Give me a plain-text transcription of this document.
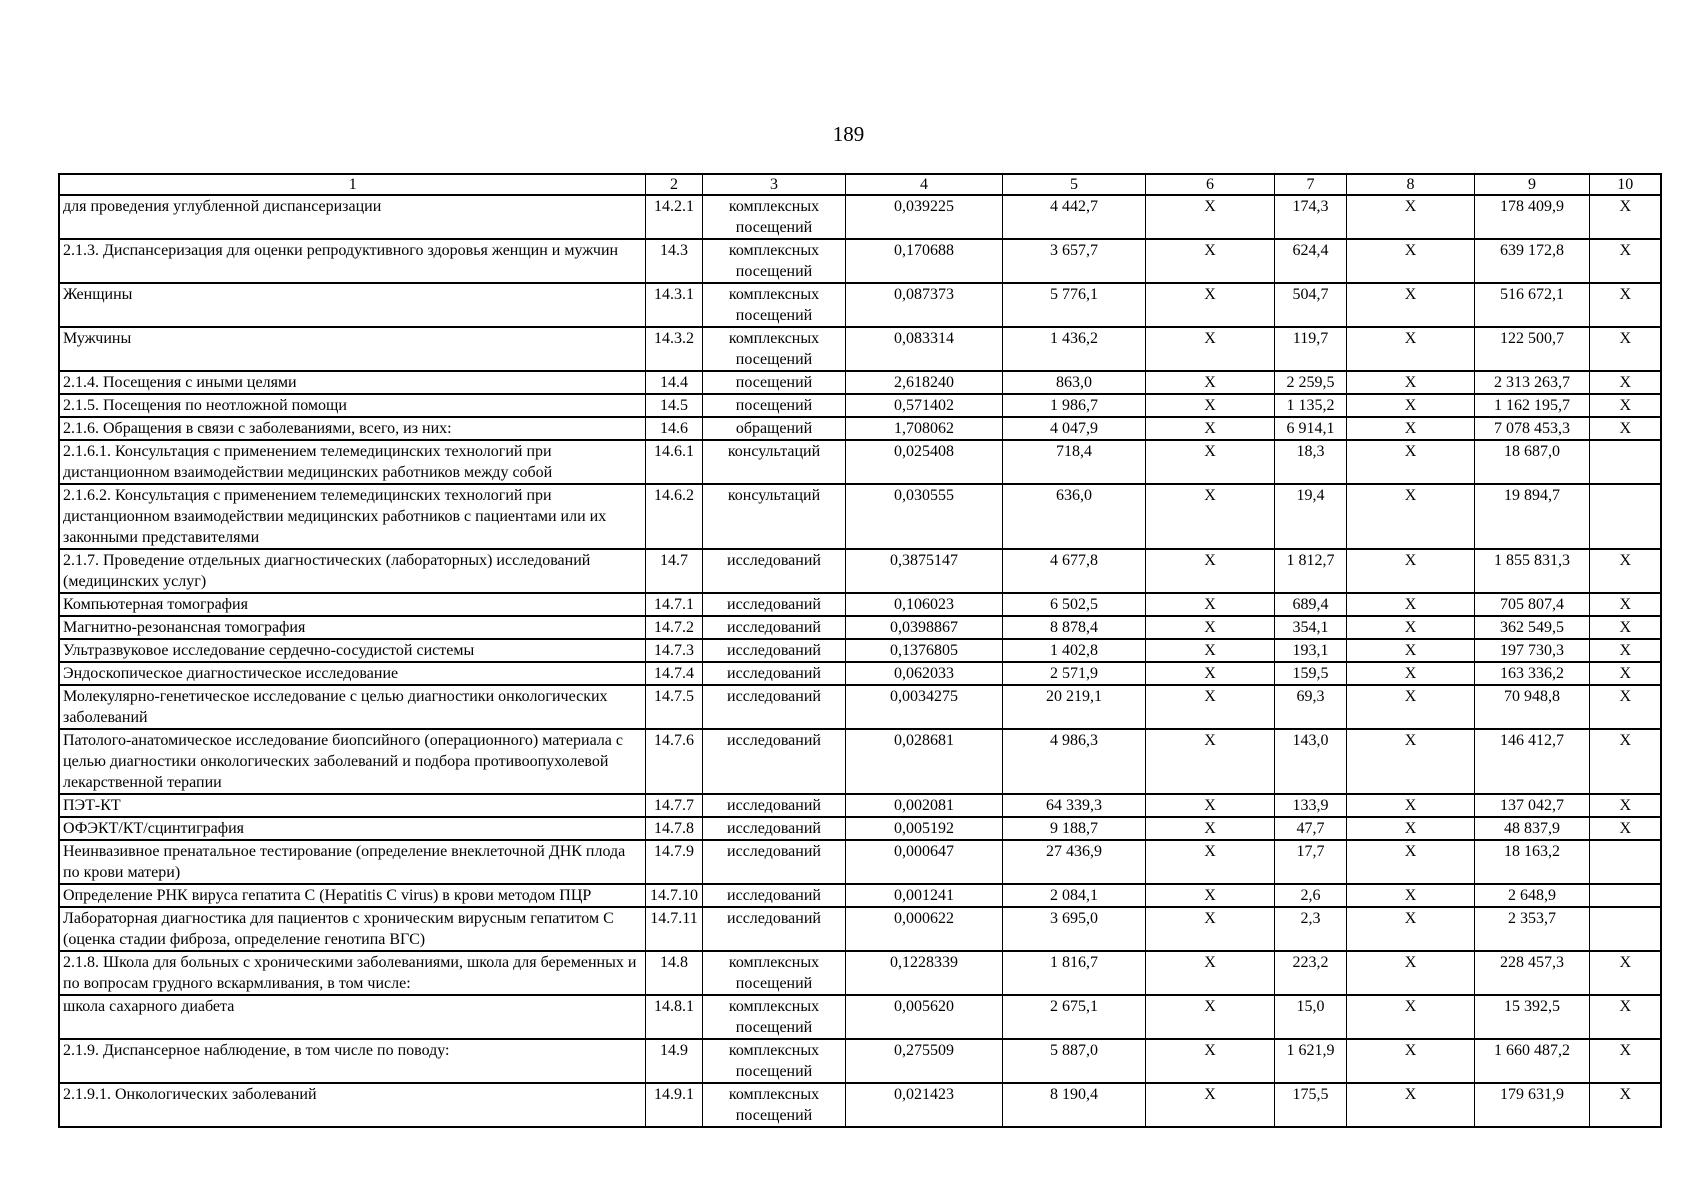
189
1	2	3	4	5	6	7	8	9	10
для проведения углубленной диспансеризации	14.2.1	комплексных посещений	0,039225	4 442,7	X	174,3	X	178 409,9	X
2.1.3. Диспансеризация для оценки репродуктивного здоровья женщин и мужчин	14.3	комплексных посещений	0,170688	3 657,7	X	624,4	X	639 172,8	X
Женщины	14.3.1	комплексных посещений	0,087373	5 776,1	X	504,7	X	516 672,1	X
Мужчины	14.3.2	комплексных посещений	0,083314	1 436,2	X	119,7	X	122 500,7	X
2.1.4. Посещения с иными целями	14.4	посещений	2,618240	863,0	X	2 259,5	X	2 313 263,7	X
2.1.5. Посещения по неотложной помощи	14.5	посещений	0,571402	1 986,7	X	1 135,2	X	1 162 195,7	X
2.1.6. Обращения в связи с заболеваниями, всего, из них:	14.6	обращений	1,708062	4 047,9	X	6 914,1	X	7 078 453,3	X
2.1.6.1. Консультация с применением телемедицинских технологий при дистанционном взаимодействии медицинских работников между собой	14.6.1	консультаций	0,025408	718,4	X	18,3	X	18 687,0	
2.1.6.2. Консультация с применением телемедицинских технологий при дистанционном взаимодействии медицинских работников с пациентами или их законными представителями	14.6.2	консультаций	0,030555	636,0	X	19,4	X	19 894,7	
2.1.7. Проведение отдельных диагностических (лабораторных) исследований (медицинских услуг)	14.7	исследований	0,3875147	4 677,8	X	1 812,7	X	1 855 831,3	X
Компьютерная томография	14.7.1	исследований	0,106023	6 502,5	X	689,4	X	705 807,4	X
Магнитно-резонансная томография	14.7.2	исследований	0,0398867	8 878,4	X	354,1	X	362 549,5	X
Ультразвуковое исследование сердечно-сосудистой системы	14.7.3	исследований	0,1376805	1 402,8	X	193,1	X	197 730,3	X
Эндоскопическое диагностическое исследование	14.7.4	исследований	0,062033	2 571,9	X	159,5	X	163 336,2	X
Молекулярно-генетическое исследование с целью диагностики онкологических заболеваний	14.7.5	исследований	0,0034275	20 219,1	X	69,3	X	70 948,8	X
Патолого-анатомическое исследование биопсийного (операционного) материала с целью диагностики онкологических заболеваний и подбора противоопухолевой лекарственной терапии	14.7.6	исследований	0,028681	4 986,3	X	143,0	X	146 412,7	X
ПЭТ-КТ	14.7.7	исследований	0,002081	64 339,3	X	133,9	X	137 042,7	X
ОФЭКТ/КТ/сцинтиграфия	14.7.8	исследований	0,005192	9 188,7	X	47,7	X	48 837,9	X
Неинвазивное пренатальное тестирование (определение внеклеточной ДНК плода по крови матери)	14.7.9	исследований	0,000647	27 436,9	X	17,7	X	18 163,2	
Определение РНК вируса гепатита С (Hepatitis C virus) в крови методом ПЦР	14.7.10	исследований	0,001241	2 084,1	X	2,6	X	2 648,9	
Лабораторная диагностика для пациентов с хроническим вирусным гепатитом С (оценка стадии фиброза, определение генотипа ВГС)	14.7.11	исследований	0,000622	3 695,0	X	2,3	X	2 353,7	
2.1.8. Школа для больных с хроническими заболеваниями, школа для беременных и по вопросам грудного вскармливания, в том числе:	14.8	комплексных посещений	0,1228339	1 816,7	X	223,2	X	228 457,3	X
школа сахарного диабета	14.8.1	комплексных посещений	0,005620	2 675,1	X	15,0	X	15 392,5	X
2.1.9. Диспансерное наблюдение, в том числе по поводу:	14.9	комплексных посещений	0,275509	5 887,0	X	1 621,9	X	1 660 487,2	X
2.1.9.1. Онкологических заболеваний	14.9.1	комплексных посещений	0,021423	8 190,4	X	175,5	X	179 631,9	X
